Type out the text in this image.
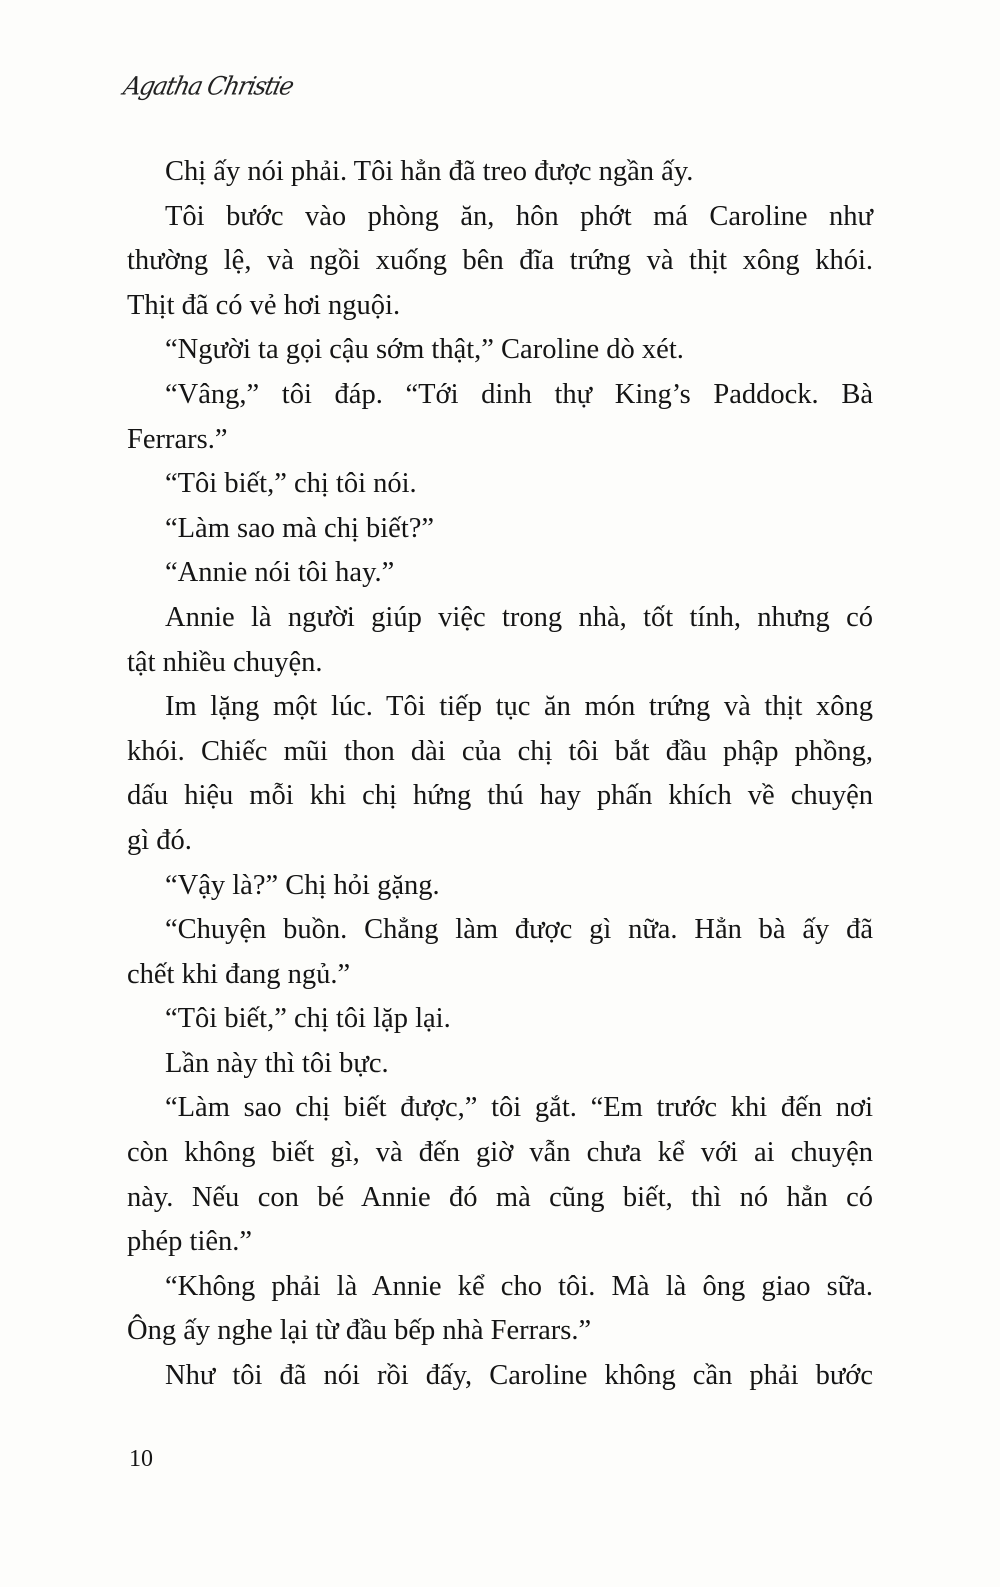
Agatha Christie
Chị ấy nói phải. Tôi hẳn đã treo được ngần ấy.
Tôi bước vào phòng ăn, hôn phớt má Caroline như
thường lệ, và ngồi xuống bên đĩa trứng và thịt xông khói.
Thịt đã có vẻ hơi nguội.
“Người ta gọi cậu sớm thật,” Caroline dò xét.
“Vâng,” tôi đáp. “Tới dinh thự King’s Paddock. Bà
Ferrars.”
“Tôi biết,” chị tôi nói.
“Làm sao mà chị biết?”
“Annie nói tôi hay.”
Annie là người giúp việc trong nhà, tốt tính, nhưng có
tật nhiều chuyện.
Im lặng một lúc. Tôi tiếp tục ăn món trứng và thịt xông
khói. Chiếc mũi thon dài của chị tôi bắt đầu phập phồng,
dấu hiệu mỗi khi chị hứng thú hay phấn khích về chuyện
gì đó.
“Vậy là?” Chị hỏi gặng.
“Chuyện buồn. Chẳng làm được gì nữa. Hẳn bà ấy đã
chết khi đang ngủ.”
“Tôi biết,” chị tôi lặp lại.
Lần này thì tôi bực.
“Làm sao chị biết được,” tôi gắt. “Em trước khi đến nơi
còn không biết gì, và đến giờ vẫn chưa kể với ai chuyện
này. Nếu con bé Annie đó mà cũng biết, thì nó hẳn có
phép tiên.”
“Không phải là Annie kể cho tôi. Mà là ông giao sữa.
Ông ấy nghe lại từ đầu bếp nhà Ferrars.”
Như tôi đã nói rồi đấy, Caroline không cần phải bước
10
